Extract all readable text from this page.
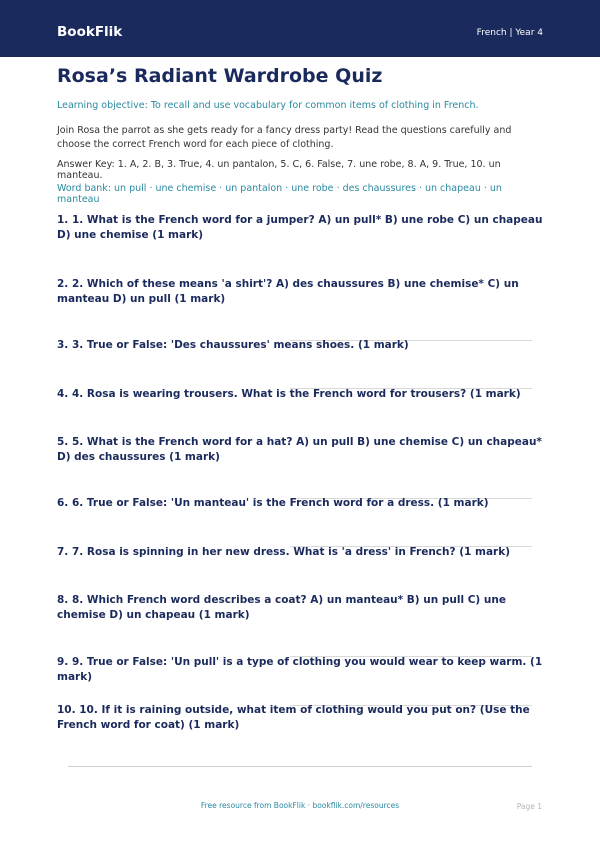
BookFlik	French | Year 4
Rosa’s Radiant Wardrobe Quiz
Learning objective: To recall and use vocabulary for common items of clothing in French.
Join Rosa the parrot as she gets ready for a fancy dress party! Read the questions carefully and choose the correct French word for each piece of clothing.
Answer Key: 1. A, 2. B, 3. True, 4. un pantalon, 5. C, 6. False, 7. une robe, 8. A, 9. True, 10. un manteau.
Word bank: un pull · une chemise · un pantalon · une robe · des chaussures · un chapeau · un manteau
1. 1. What is the French word for a jumper? A) un pull* B) une robe C) un chapeau D) une chemise (1 mark)
2. 2. Which of these means 'a shirt'? A) des chaussures B) une chemise* C) un manteau D) un pull (1 mark)
3. 3. True or False: 'Des chaussures' means shoes. (1 mark)
4. 4. Rosa is wearing trousers. What is the French word for trousers? (1 mark)
5. 5. What is the French word for a hat? A) un pull B) une chemise C) un chapeau* D) des chaussures (1 mark)
6. 6. True or False: 'Un manteau' is the French word for a dress. (1 mark)
7. 7. Rosa is spinning in her new dress. What is 'a dress' in French? (1 mark)
8. 8. Which French word describes a coat? A) un manteau* B) un pull C) une chemise D) un chapeau (1 mark)
9. 9. True or False: 'Un pull' is a type of clothing you would wear to keep warm. (1 mark)
10. 10. If it is raining outside, what item of clothing would you put on? (Use the French word for coat) (1 mark)
Free resource from BookFlik · bookflik.com/resources	Page 1
